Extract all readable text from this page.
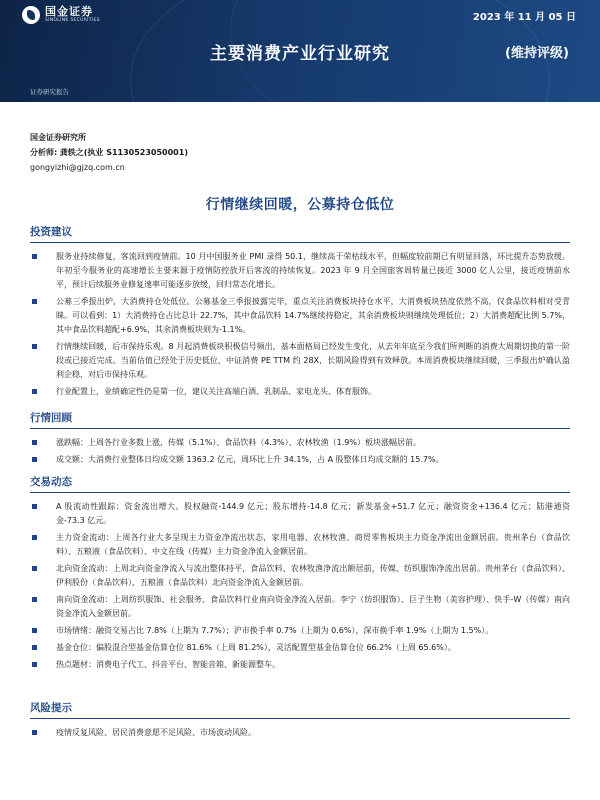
国金证券
SINOLINK SECURITIES	2023 年 11 月 05 日
主要消费产业行业研究	(维持评级)
证券研究报告
国金证券研究所
分析师: 龚轶之(执业 S1130523050001)
gongyizhi@gjzq.com.cn
行情继续回暖，公募持仓低位
投资建议
服务业持续修复，客流回到疫情前。10 月中国服务业 PMI 录得 50.1，继续高于荣枯线水平，但幅度较前期已有明显回落，环比提升态势放缓。年初至今服务业的高速增长主要来源于疫情防控放开后客流的持续恢复。2023 年 9 月全国旅客周转量已接近 3000 亿人公里，接近疫情前水平，预计后续服务业修复速率可能逐步放缓，回归常态化增长。
公募三季报出炉，大消费持仓处低位。公募基金三季报披露完毕，重点关注消费板块持仓水平，大消费板块热度依然不高，仅食品饮料相对受青睐。可以看到：1）大消费持仓占比总计 22.7%，其中食品饮料 14.7%继续持稳定，其余消费板块则继续处理低位；2）大消费超配比例 5.7%，其中食品饮料超配+6.9%，其余消费板块则为-1.1%。
行情继续回暖，后市保持乐观。8 月起消费板块积极信号频出，基本面格局已经发生变化，从去年年底至今我们所判断的消费大周期切换的第一阶段或已接近完成。当前估值已经处于历史低位，中证消费 PE TTM 约 28X，长期风险得到有效释放。本周消费板块继续回暖，三季报出炉确认盈利企稳，对后市保持乐观。
行业配置上，业绩确定性仍是第一位，建议关注高端白酒、乳制品、家电龙头、体育服饰。
行情回顾
涨跌幅：上周各行业多数上涨，传媒（5.1%）、食品饮料（4.3%）、农林牧渔（1.9%）板块涨幅居前。
成交额：大消费行业整体日均成交额 1363.2 亿元，周环比上升 34.1%，占 A 股整体日均成交额的 15.7%。
交易动态
A 股流动性跟踪：资金流出增大。股权融资-144.9 亿元；股东增持-14.8 亿元；新发基金+51.7 亿元；融资资金+136.4 亿元；陆港通资金-73.3 亿元。
主力资金流动：上周各行业大多呈现主力资金净流出状态，家用电器、农林牧渔、商贸零售板块主力资金净流出金额居前。贵州茅台（食品饮料）、五粮液（食品饮料）、中文在线（传媒）主力资金净流入金额居前。
北向资金流动：上周北向资金净流入与流出整体持平，食品饮料、农林牧渔净流出额居前，传媒、纺织服饰净流出居前。贵州茅台（食品饮料）、伊利股份（食品饮料）、五粮液（食品饮料）北向资金净流入金额居前。
南向资金流动：上周纺织服饰、社会服务、食品饮料行业南向资金净流入居前。李宁（纺织服饰）、巨子生物（美容护理）、快手-W（传媒）南向资金净流入金额居前。
市场情绪：融资交易占比 7.8%（上期为 7.7%）；沪市换手率 0.7%（上期为 0.6%），深市换手率 1.9%（上期为 1.5%）。
基金仓位：偏股混合型基金估算仓位 81.6%（上周 81.2%），灵活配置型基金估算仓位 66.2%（上周 65.6%）。
热点题材：消费电子代工、抖音平台、智能音箱、新能源整车。
风险提示
疫情反复风险、居民消费意愿不足风险、市场波动风险。
